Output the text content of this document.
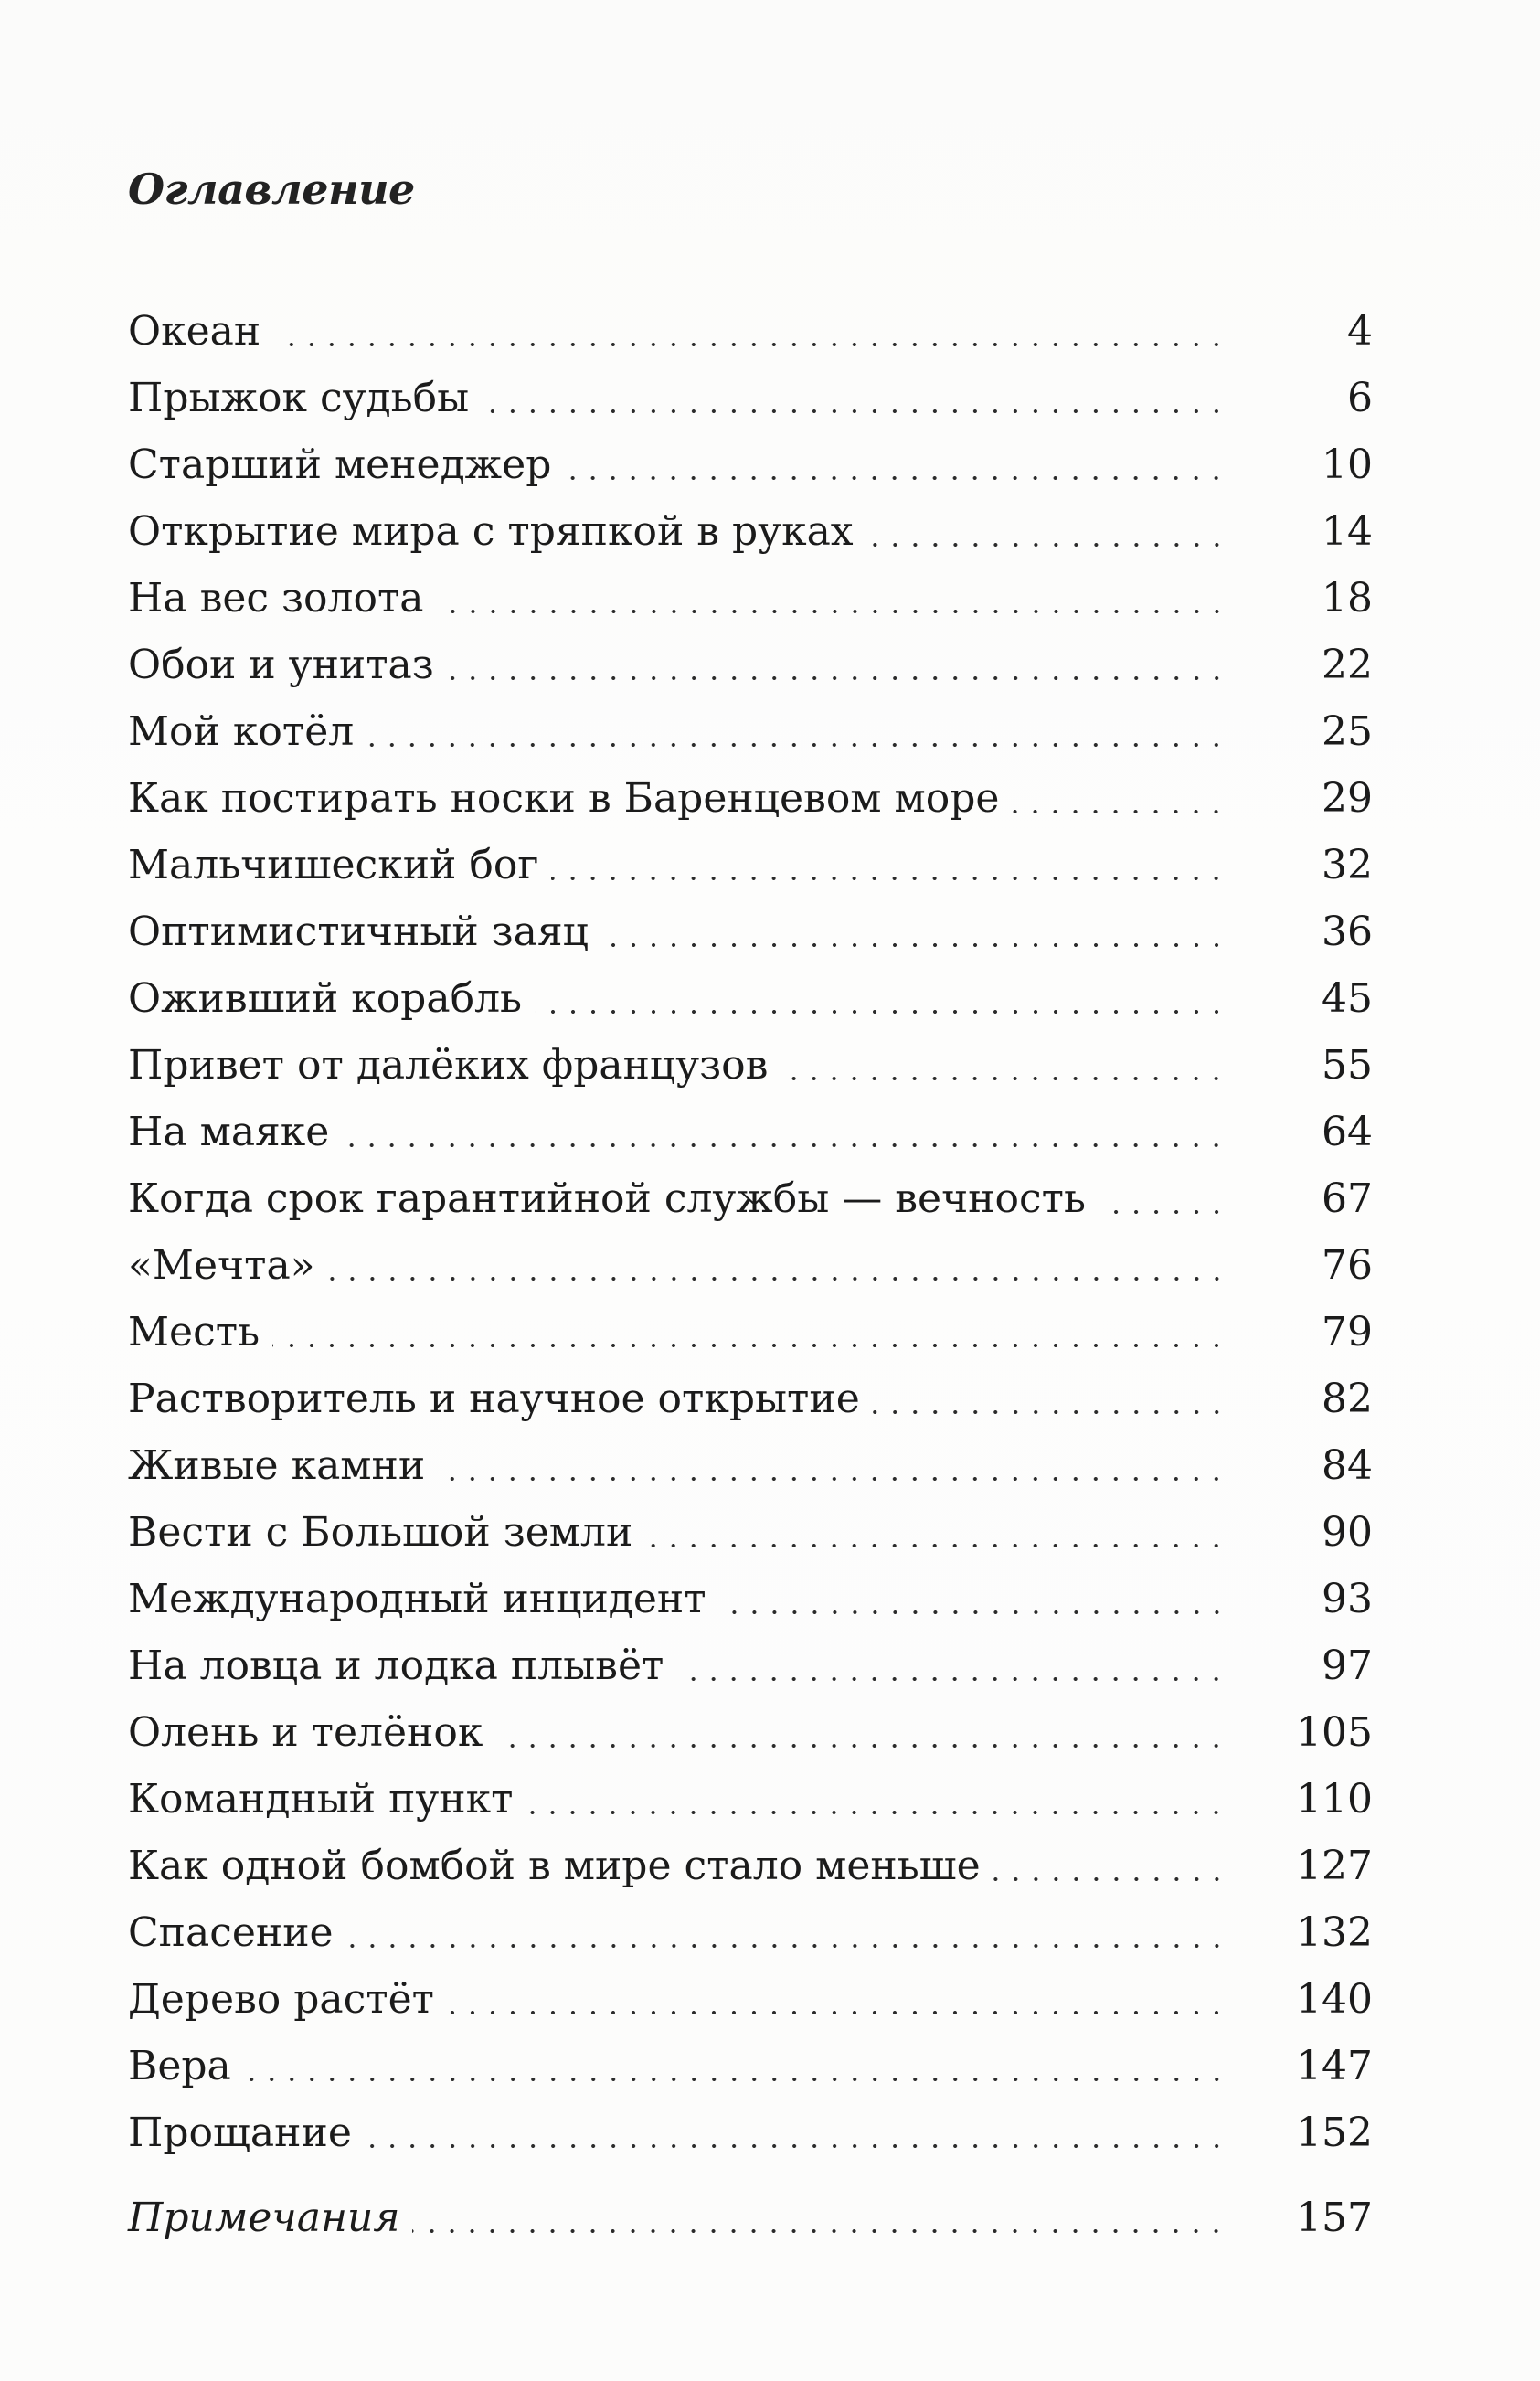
Оглавление
Океан	4
Прыжок судьбы	6
Старший менеджер	10
Открытие мира с тряпкой в руках	14
На вес золота	18
Обои и унитаз	22
Мой котёл	25
Как постирать носки в Баренцевом море	29
Мальчишеский бог	32
Оптимистичный заяц	36
Оживший корабль	45
Привет от далёких французов	55
На маяке	64
Когда срок гарантийной службы — вечность	67
«Мечта»	76
Месть	79
Растворитель и научное открытие	82
Живые камни	84
Вести с Большой земли	90
Международный инцидент	93
На ловца и лодка плывёт	97
Олень и телёнок	105
Командный пункт	110
Как одной бомбой в мире стало меньше	127
Спасение	132
Дерево растёт	140
Вера	147
Прощание	152
Примечания	157
